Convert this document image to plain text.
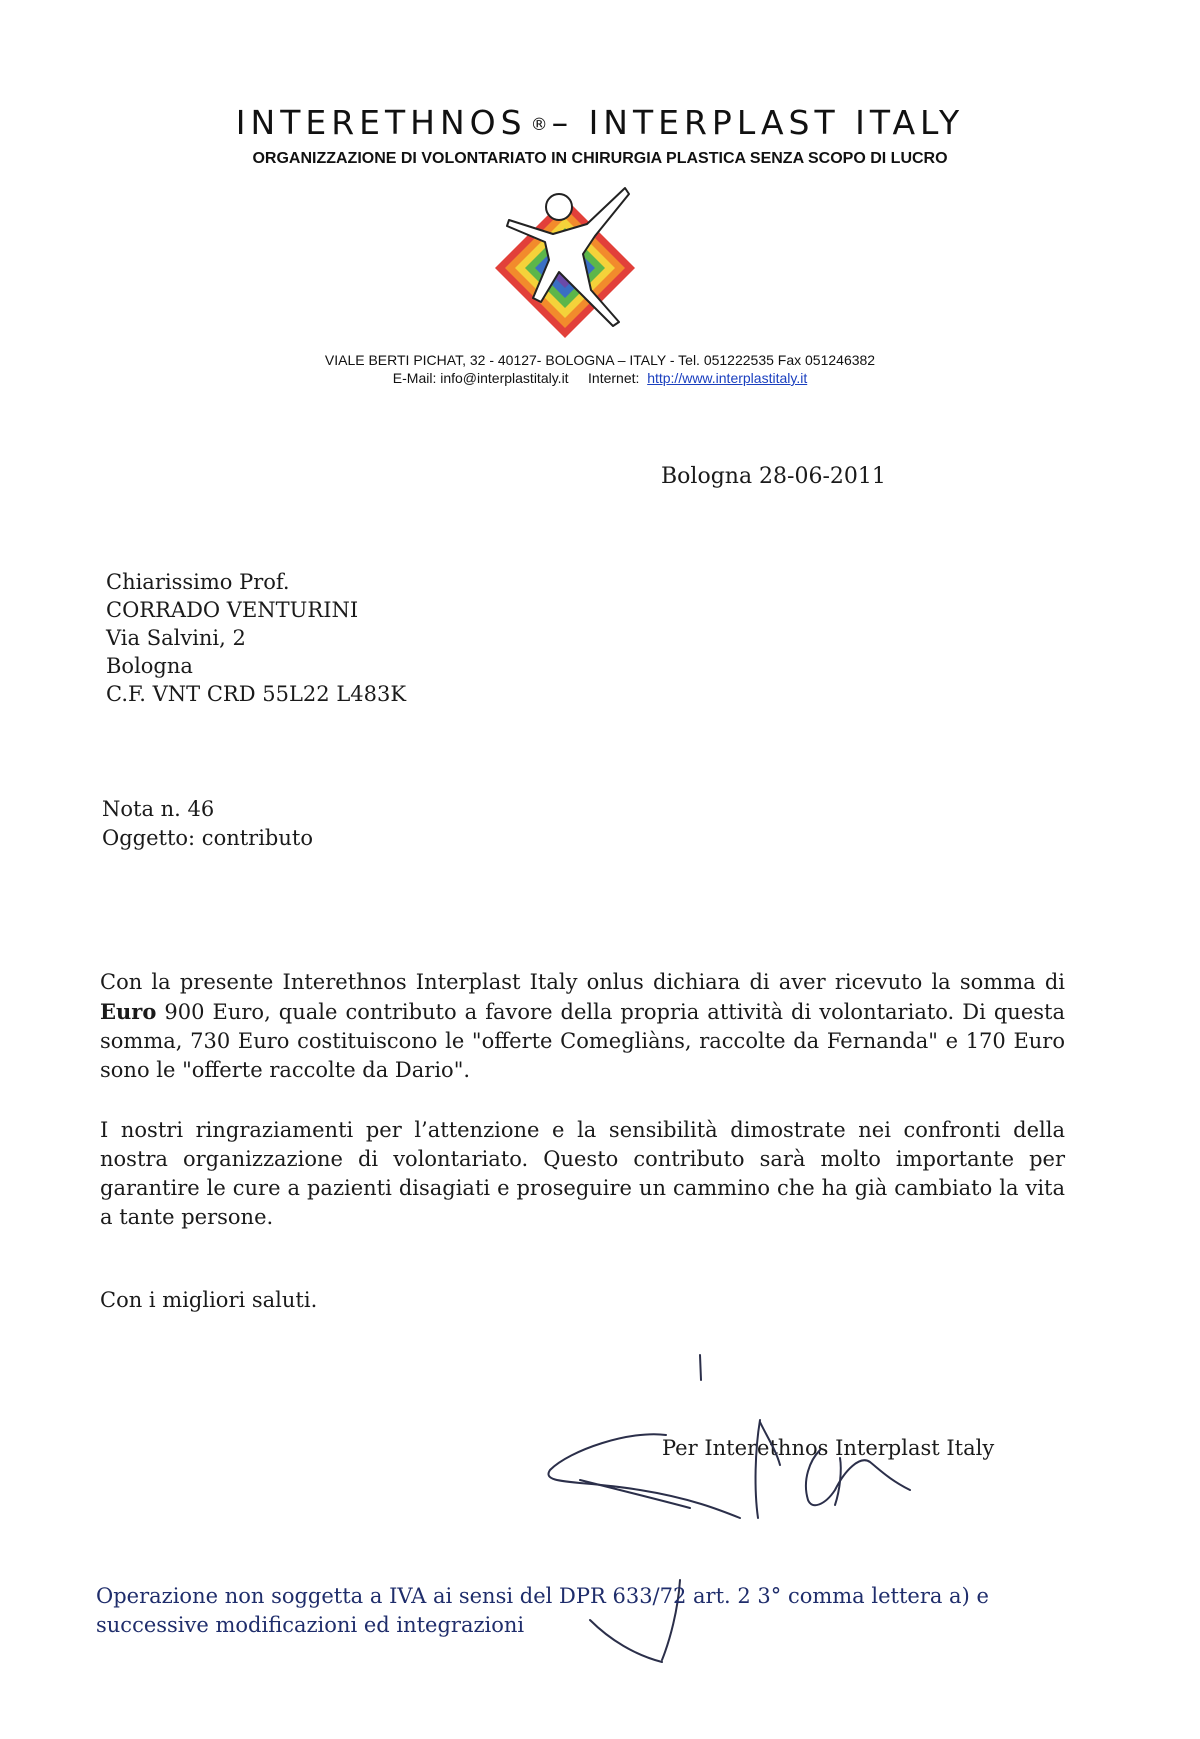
INTERETHNOS ® – INTERPLAST ITALY
ORGANIZZAZIONE DI VOLONTARIATO IN CHIRURGIA PLASTICA SENZA SCOPO DI LUCRO
VIALE BERTI PICHAT, 32 - 40127- BOLOGNA – ITALY - Tel. 051222535 Fax 051246382
E-Mail: info@interplastitaly.it Internet: http://www.interplastitaly.it
Bologna 28-06-2011
Chiarissimo Prof.
CORRADO VENTURINI
Via Salvini, 2
Bologna
C.F. VNT CRD 55L22 L483K
Nota n. 46
Oggetto: contributo
Con la presente Interethnos Interplast Italy onlus dichiara di aver ricevuto la somma di Euro 900 Euro, quale contributo a favore della propria attività di volontariato. Di questa somma, 730 Euro costituiscono le "offerte Comegliàns, raccolte da Fernanda" e 170 Euro sono le "offerte raccolte da Dario".
I nostri ringraziamenti per l’attenzione e la sensibilità dimostrate nei confronti della nostra organizzazione di volontariato. Questo contributo sarà molto importante per garantire le cure a pazienti disagiati e proseguire un cammino che ha già cambiato la vita a tante persone.
Con i migliori saluti.
Per Interethnos Interplast Italy
Operazione non soggetta a IVA ai sensi del DPR 633/72 art. 2 3° comma lettera a) e
successive modificazioni ed integrazioni
